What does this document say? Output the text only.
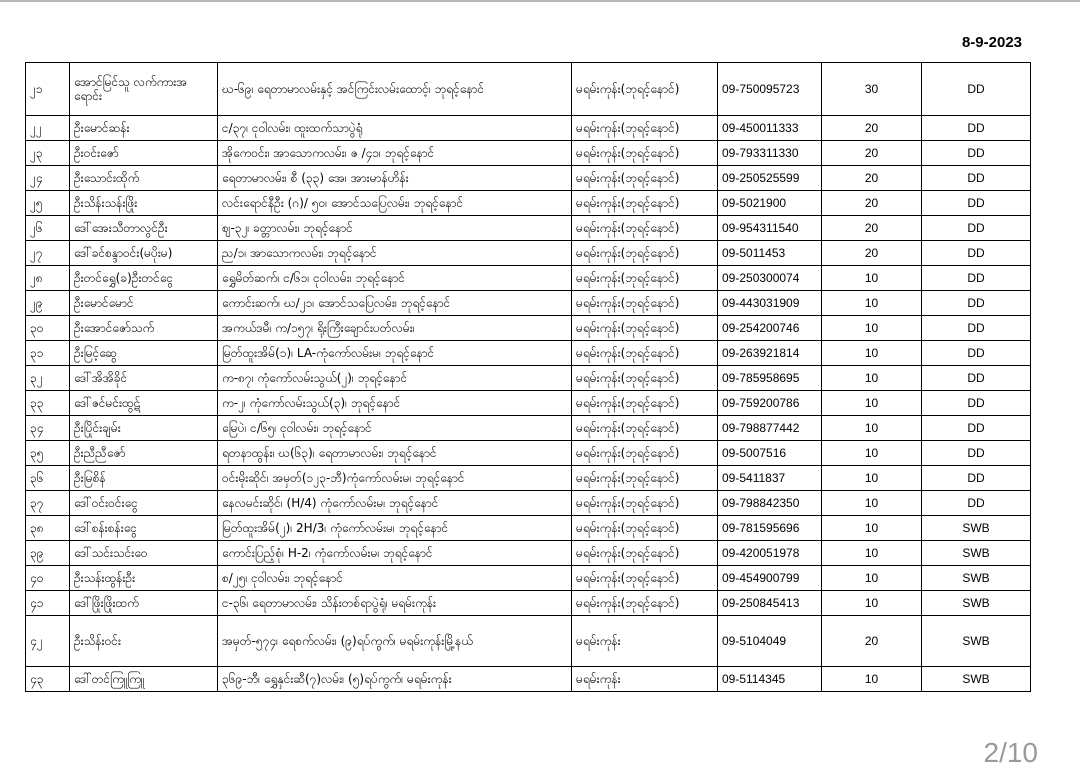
8-9-2023
၂၁	အောင်မြင်သူ လက်ကားအရောင်း	ဃ-၆၉၊ ရေတာမာလမ်းနှင့် အင်ကြင်းလမ်းထောင့်၊ ဘုရင့်နောင်	မရမ်းကုန်း(ဘုရင့်နောင်)	09-750095723	30	DD
၂၂	ဦးမောင်ဆန်း	င/၃၇၊ ငုဝါလမ်း၊ ထူးထက်သာပွဲရုံ	မရမ်းကုန်း(ဘုရင့်နောင်)	09-450011333	20	DD
၂၃	ဦးဝင်းဇော်	အိုကေဝင်း၊ အာသောကလမ်း၊ ဇ /၄၁၊ ဘုရင့်နောင်	မရမ်းကုန်း(ဘုရင့်နောင်)	09-793311330	20	DD
၂၄	ဦးသောင်းထိုက်	ရေတာမာလမ်း၊ စီ (၃၃) အေ၊ အားမာန်ဟိန်း	မရမ်းကုန်း(ဘုရင့်နောင်)	09-250525599	20	DD
၂၅	ဦးသိန်းသန်းဖြိုး	လင်းရောင်နီဦး (ဂ)/ ၅၀၊ အောင်သပြေလမ်း၊ ဘုရင့်နောင်	မရမ်းကုန်း(ဘုရင့်နောင်)	09-5021900	20	DD
၂၆	ဒေါ်အေးသီတာလွင်ဦး	ဈ-၃၂၊ ခတ္တာလမ်း၊ ဘုရင့်နောင်	မရမ်းကုန်း(ဘုရင့်နောင်)	09-954311540	20	DD
၂၇	ဒေါ်ခင်စန္ဒာဝင်း(မပိုးမ)	ည/၁၊ အာသောကလမ်း၊ ဘုရင့်နောင်	မရမ်းကုန်း(ဘုရင့်နောင်)	09-5011453	20	DD
၂၈	ဦးတင်ရွှေ(ခ)ဦးတင်ငွေ	ရွှေမိတ်ဆက်၊ င/၆၁၊ ငုဝါလမ်း၊ ဘုရင့်နောင်	မရမ်းကုန်း(ဘုရင့်နောင်)	09-250300074	10	DD
၂၉	ဦးမောင်မောင်	ကောင်းဆက်၊ ဃ/၂၁၊ အောင်သပြေလမ်း၊ ဘုရင့်နောင်	မရမ်းကုန်း(ဘုရင့်နောင်)	09-443031909	10	DD
၃၀	ဦးအောင်ဇော်သက်	အကယ်ဒမီ၊ က/၁၅၇၊ ရိုးကြီးချောင်းပတ်လမ်း၊	မရမ်းကုန်း(ဘုရင့်နောင်)	09-254200746	10	DD
၃၁	ဦးမြင့်ဆွေ	မြတ်ထူးအိမ်(၁)၊ LA-ကုံကော်လမ်းမ၊ ဘုရင့်နောင်	မရမ်းကုန်း(ဘုရင့်နောင်)	09-263921814	10	DD
၃၂	ဒေါ်အိအိခိုင်	က-၈၇၊ ကုံကော်လမ်းသွယ်(၂)၊ ဘုရင့်နောင်	မရမ်းကုန်း(ဘုရင့်နောင်)	09-785958695	10	DD
၃၃	ဒေါ်ဇင်မင်းထွဋ်	က-၂၊ ကုံကော်လမ်းသွယ်(၃)၊ ဘုရင့်နောင်	မရမ်းကုန်း(ဘုရင့်နောင်)	09-759200786	10	DD
၃၄	ဦးပြိုင်းချမ်း	မြေပဲ၊ င/၆၅၊ ငုဝါလမ်း၊ ဘုရင့်နောင်	မရမ်းကုန်း(ဘုရင့်နောင်)	09-798877442	10	DD
၃၅	ဦးညီညီဇော်	ရတနာထွန်း၊ ဃ(၆၃)၊ ရေတာမာလမ်း၊ ဘုရင့်နောင်	မရမ်းကုန်း(ဘုရင့်နောင်)	09-5007516	10	DD
၃၆	ဦးမြစိန်	ဝင်းမိုးဆိုင်၊ အမှတ်(၁၂၃-ဘီ)ကုံကော်လမ်းမ၊ ဘုရင့်နောင်	မရမ်းကုန်း(ဘုရင့်နောင်)	09-5411837	10	DD
၃၇	ဒေါ်ဝင်းဝင်းငွေ	နေလမင်းဆိုင်၊ (H/4) ကုံကော်လမ်းမ၊ ဘုရင့်နောင်	မရမ်းကုန်း(ဘုရင့်နောင်)	09-798842350	10	DD
၃၈	ဒေါ်စန်းစန်းငွေ	မြတ်ထူးအိမ်(၂)၊ 2H/3၊ ကုံကော်လမ်းမ၊ ဘုရင့်နောင်	မရမ်းကုန်း(ဘုရင့်နောင်)	09-781595696	10	SWB
၃၉	ဒေါ်သင်းသင်းဝေ	ကောင်းပြည့်စုံ၊ H-2၊ ကုံကော်လမ်းမ၊ ဘုရင့်နောင်	မရမ်းကုန်း(ဘုရင့်နောင်)	09-420051978	10	SWB
၄၀	ဦးသန်းထွန်းဦး	စ/၂၅၊ ငုဝါလမ်း၊ ဘုရင့်နောင်	မရမ်းကုန်း(ဘုရင့်နောင်)	09-454900799	10	SWB
၄၁	ဒေါ်ဖြိုးဖြိုးထက်	င-၃၆၊ ရေတာမာလမ်း၊ သိန်းတစ်ရာပွဲရုံ၊ မရမ်းကုန်း	မရမ်းကုန်း(ဘုရင့်နောင်)	09-250845413	10	SWB
၄၂	ဦးသိန်းဝင်း	အမှတ်-၅၇၄၊ ရေစက်လမ်း၊ (၉)ရပ်ကွက်၊ မရမ်းကုန်းမြို့နယ်	မရမ်းကုန်း	09-5104049	20	SWB
၄၃	ဒေါ်တင်ကြူကြူ	၃၆၉-ဘီ၊ ရွှေနှင်းဆီ(၇)လမ်း၊ (၅)ရပ်ကွက်၊ မရမ်းကုန်း	မရမ်းကုန်း	09-5114345	10	SWB
2/10
